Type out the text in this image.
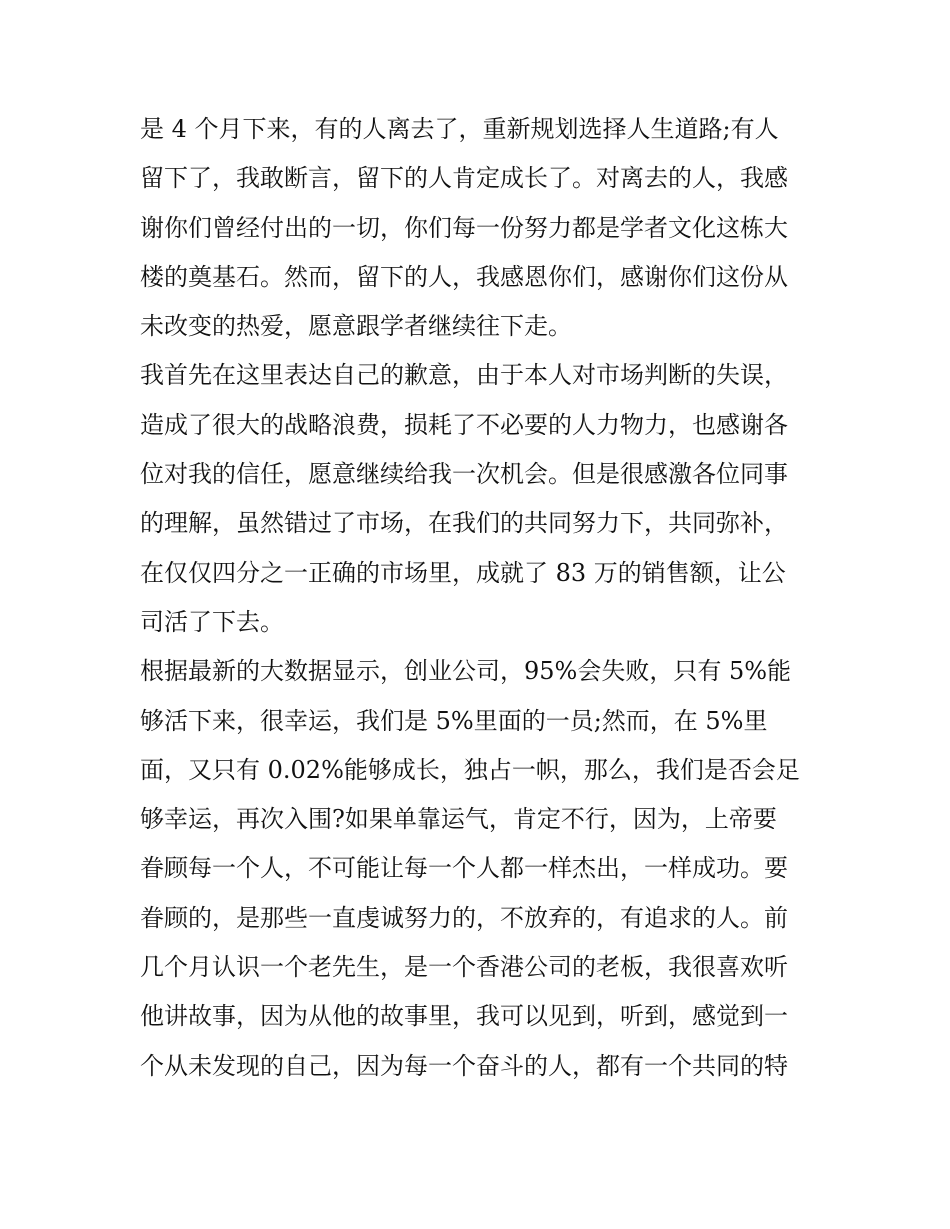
是 4 个月下来，有的人离去了，重新规划选择人生道路;有人
留下了，我敢断言，留下的人肯定成长了。对离去的人，我感
谢你们曾经付出的一切，你们每一份努力都是学者文化这栋大
楼的奠基石。然而，留下的人，我感恩你们，感谢你们这份从
未改变的热爱，愿意跟学者继续往下走。
我首先在这里表达自己的歉意，由于本人对市场判断的失误，
造成了很大的战略浪费，损耗了不必要的人力物力，也感谢各
位对我的信任，愿意继续给我一次机会。但是很感激各位同事
的理解，虽然错过了市场，在我们的共同努力下，共同弥补，
在仅仅四分之一正确的市场里，成就了 83 万的销售额，让公
司活了下去。
根据最新的大数据显示，创业公司，95%会失败，只有 5%能
够活下来，很幸运，我们是 5%里面的一员;然而，在 5%里
面，又只有 0.02%能够成长，独占一帜，那么，我们是否会足
够幸运，再次入围?如果单靠运气，肯定不行，因为，上帝要
眷顾每一个人，不可能让每一个人都一样杰出，一样成功。要
眷顾的，是那些一直虔诚努力的，不放弃的，有追求的人。前
几个月认识一个老先生，是一个香港公司的老板，我很喜欢听
他讲故事，因为从他的故事里，我可以见到，听到，感觉到一
个从未发现的自己，因为每一个奋斗的人，都有一个共同的特
